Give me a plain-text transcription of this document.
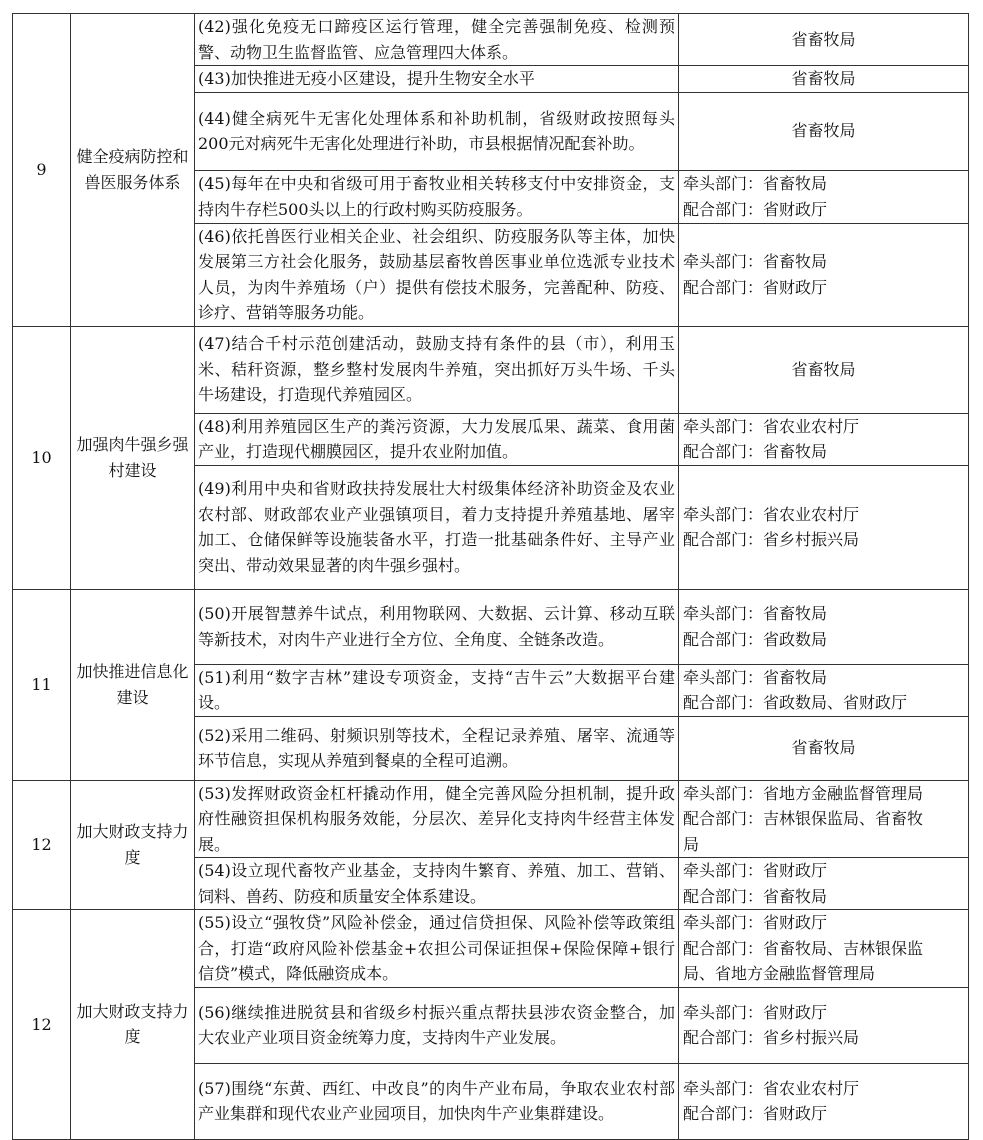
9	健全疫病防控和兽医服务体系	(42)强化免疫无口蹄疫区运行管理，健全完善强制免疫、检测预警、动物卫生监督监管、应急管理四大体系。	省畜牧局
		(43)加快推进无疫小区建设，提升生物安全水平	省畜牧局
		(44)健全病死牛无害化处理体系和补助机制，省级财政按照每头200元对病死牛无害化处理进行补助，市县根据情况配套补助。	省畜牧局
		(45)每年在中央和省级可用于畜牧业相关转移支付中安排资金，支持肉牛存栏500头以上的行政村购买防疫服务。	牵头部门：省畜牧局
配合部门：省财政厅

		(46)依托兽医行业相关企业、社会组织、防疫服务队等主体，加快发展第三方社会化服务，鼓励基层畜牧兽医事业单位选派专业技术人员，为肉牛养殖场（户）提供有偿技术服务，完善配种、防疫、诊疗、营销等服务功能。	牵头部门：省畜牧局
配合部门：省财政厅

10	加强肉牛强乡强村建设	(47)结合千村示范创建活动，鼓励支持有条件的县（市），利用玉米、秸秆资源，整乡整村发展肉牛养殖，突出抓好万头牛场、千头牛场建设，打造现代养殖园区。	省畜牧局
		(48)利用养殖园区生产的粪污资源，大力发展瓜果、蔬菜、食用菌产业，打造现代棚膜园区，提升农业附加值。	牵头部门：省农业农村厅
配合部门：省畜牧局

		(49)利用中央和省财政扶持发展壮大村级集体经济补助资金及农业农村部、财政部农业产业强镇项目，着力支持提升养殖基地、屠宰加工、仓储保鲜等设施装备水平，打造一批基础条件好、主导产业突出、带动效果显著的肉牛强乡强村。	牵头部门：省农业农村厅
配合部门：省乡村振兴局

11	加快推进信息化建设	(50)开展智慧养牛试点，利用物联网、大数据、云计算、移动互联等新技术，对肉牛产业进行全方位、全角度、全链条改造。	牵头部门：省畜牧局
配合部门：省政数局

		(51)利用“数字吉林”建设专项资金，支持“吉牛云”大数据平台建设。	牵头部门：省畜牧局
配合部门：省政数局、省财政厅

		(52)采用二维码、射频识别等技术，全程记录养殖、屠宰、流通等环节信息，实现从养殖到餐桌的全程可追溯。	省畜牧局
12	加大财政支持力度	(53)发挥财政资金杠杆撬动作用，健全完善风险分担机制，提升政府性融资担保机构服务效能，分层次、差异化支持肉牛经营主体发展。	牵头部门：省地方金融监督管理局
配合部门：吉林银保监局、省畜牧
局

		(54)设立现代畜牧产业基金，支持肉牛繁育、养殖、加工、营销、饲料、兽药、防疫和质量安全体系建设。	牵头部门：省财政厅
配合部门：省畜牧局

12	加大财政支持力度	(55)设立“强牧贷”风险补偿金，通过信贷担保、风险补偿等政策组合，打造“政府风险补偿基金+农担公司保证担保+保险保障+银行信贷”模式，降低融资成本。	牵头部门：省财政厅
配合部门：省畜牧局、吉林银保监
局、省地方金融监督管理局

		(56)继续推进脱贫县和省级乡村振兴重点帮扶县涉农资金整合，加大农业产业项目资金统筹力度，支持肉牛产业发展。	牵头部门：省财政厅
配合部门：省乡村振兴局

		(57)围绕“东黄、西红、中改良”的肉牛产业布局，争取农业农村部产业集群和现代农业产业园项目，加快肉牛产业集群建设。	牵头部门：省农业农村厅
配合部门：省财政厅
